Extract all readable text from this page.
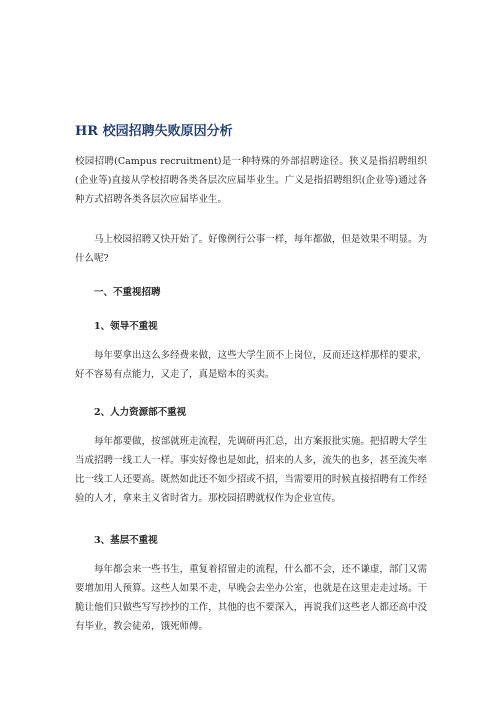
HR 校园招聘失败原因分析

校园招聘(Campus recruitment)是一种特殊的外部招聘途径。狭义是指招聘组织(企业等)直接从学校招聘各类各层次应届毕业生。广义是指招聘组织(企业等)通过各种方式招聘各类各层次应届毕业生。

马上校园招聘又快开始了。好像例行公事一样，每年都做，但是效果不明显。为什么呢?

一、不重视招聘
1、领导不重视

每年要拿出这么多经费来做，这些大学生顶不上岗位，反而还这样那样的要求，好不容易有点能力，又走了，真是赔本的买卖。

2、人力资源部不重视

每年都要做，按部就班走流程，先调研再汇总，出方案报批实施。把招聘大学生当成招聘一线工人一样。事实好像也是如此，招来的人多，流失的也多，甚至流失率比一线工人还要高。既然如此还不如少招或不招，当需要用的时候直接招聘有工作经验的人才，拿来主义省时省力。那校园招聘就权作为企业宣传。

3、基层不重视

每年都会来一些书生，重复着招留走的流程，什么都不会，还不谦虚，部门又需要增加用人预算。这些人如果不走，早晚会去坐办公室，也就是在这里走走过场。干脆让他们只做些写写抄抄的工作，其他的也不要深入，再说我们这些老人都还高中没有毕业，教会徒弟，饿死师傅。
